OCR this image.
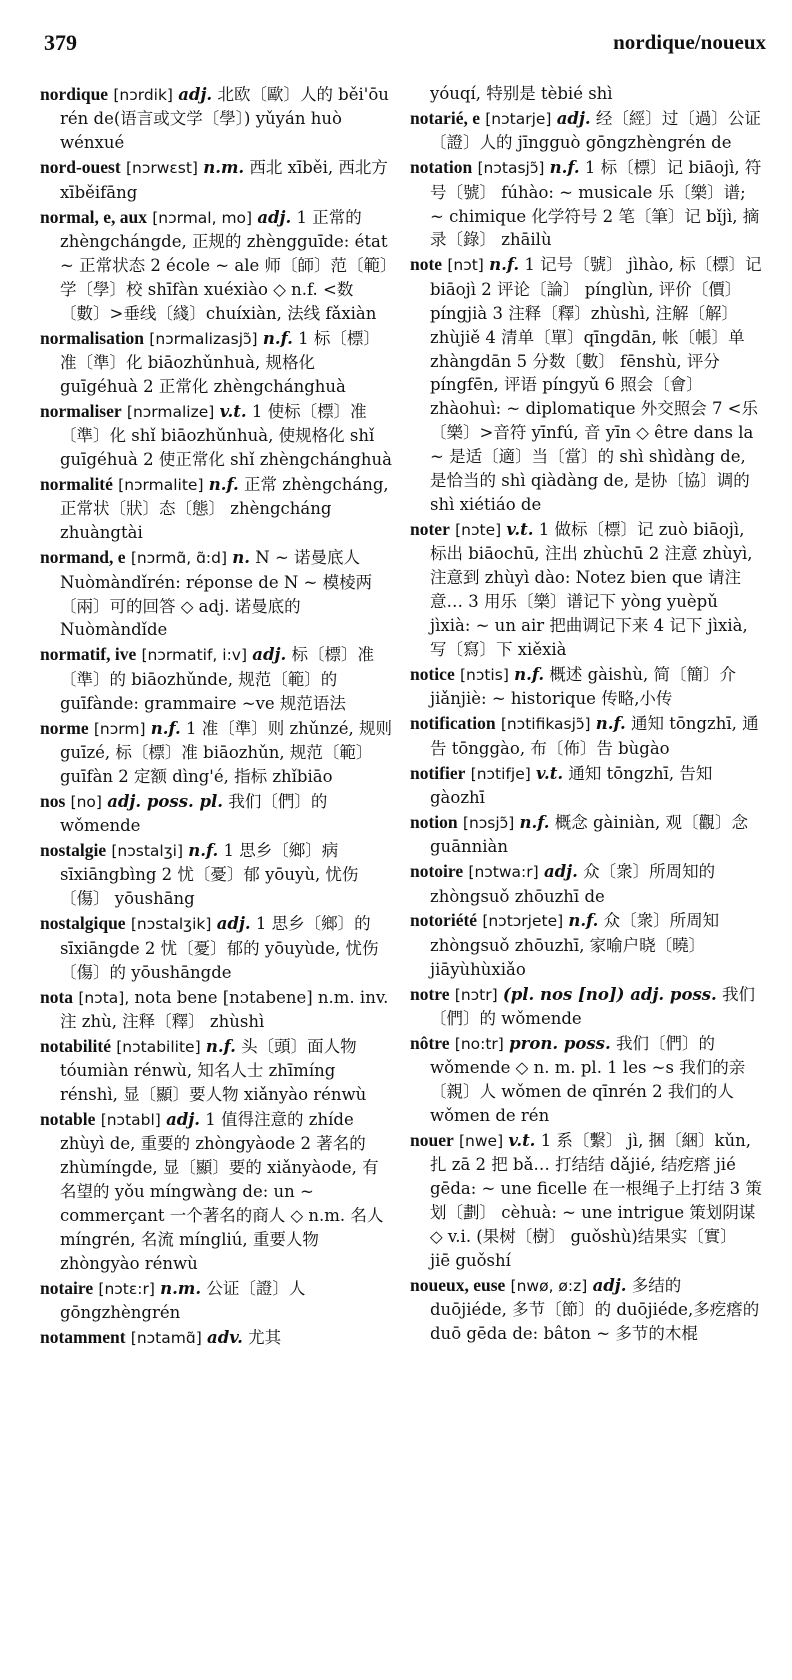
379	nordique/noueux

nordique [nɔrdik] adj. 北欧〔歐〕人的 běi'ōu rén de(语言或文学〔學〕) yǔyán huò wénxué

nord-ouest [nɔrwɛst] n.m. 西北 xīběi, 西北方 xīběifāng

normal, e, aux [nɔrmal, mo] adj. 1 正常的 zhèngchángde, 正规的 zhèngguīde: état ~ 正常状态 2 école ~ ale 师〔師〕范〔範〕学〔學〕校 shīfàn xuéxiào ◇ n.f. <数〔數〕>垂线〔綫〕chuíxiàn, 法线 fǎxiàn

normalisation [nɔrmalizasjɔ̃] n.f. 1 标〔標〕准〔準〕化 biāozhǔnhuà, 规格化 guīgéhuà 2 正常化 zhèngchánghuà

normaliser [nɔrmalize] v.t. 1 使标〔標〕准〔準〕化 shǐ biāozhǔnhuà, 使规格化 shǐ guīgéhuà 2 使正常化 shǐ zhèngchánghuà

normalité [nɔrmalite] n.f. 正常 zhèngcháng, 正常状〔狀〕态〔態〕 zhèngcháng zhuàngtài

normand, e [nɔrmɑ̃, ɑ̃:d] n. N ~ 诺曼底人 Nuòmàndǐrén: réponse de N ~ 模棱两〔兩〕可的回答 ◇ adj. 诺曼底的 Nuòmàndǐde

normatif, ive [nɔrmatif, i:v] adj. 标〔標〕准〔準〕的 biāozhǔnde, 规范〔範〕的 guīfànde: grammaire ~ve 规范语法

norme [nɔrm] n.f. 1 准〔準〕则 zhǔnzé, 规则 guīzé, 标〔標〕准 biāozhǔn, 规范〔範〕 guīfàn 2 定额 dìng'é, 指标 zhǐbiāo

nos [no] adj. poss. pl. 我们〔們〕的 wǒmende

nostalgie [nɔstalʒi] n.f. 1 思乡〔鄉〕病 sīxiāngbìng 2 忧〔憂〕郁 yōuyù, 忧伤〔傷〕 yōushāng

nostalgique [nɔstalʒik] adj. 1 思乡〔鄉〕的 sīxiāngde 2 忧〔憂〕郁的 yōuyùde, 忧伤〔傷〕的 yōushāngde

nota [nɔta], nota bene [nɔtabene] n.m. inv. 注 zhù, 注释〔釋〕 zhùshì

notabilité [nɔtabilite] n.f. 头〔頭〕面人物 tóumiàn rénwù, 知名人士 zhīmíng rénshì, 显〔顯〕要人物 xiǎnyào rénwù

notable [nɔtabl] adj. 1 值得注意的 zhíde zhùyì de, 重要的 zhòngyàode 2 著名的 zhùmíngde, 显〔顯〕要的 xiǎnyàode, 有名望的 yǒu míngwàng de: un ~ commerçant 一个著名的商人 ◇ n.m. 名人 míngrén, 名流 míngliú, 重要人物 zhòngyào rénwù

notaire [nɔtɛ:r] n.m. 公证〔證〕人 gōngzhèngrén

notamment [nɔtamɑ̃] adv. 尤其

yóuqí, 特别是 tèbié shì

notarié, e [nɔtarje] adj. 经〔經〕过〔過〕公证〔證〕人的 jīngguò gōngzhèngrén de

notation [nɔtasjɔ̃] n.f. 1 标〔標〕记 biāojì, 符号〔號〕 fúhào: ~ musicale 乐〔樂〕谱; ~ chimique 化学符号 2 笔〔筆〕记 bǐjì, 摘录〔錄〕 zhāilù

note [nɔt] n.f. 1 记号〔號〕 jìhào, 标〔標〕记 biāojì 2 评论〔論〕 pínglùn, 评价〔價〕 píngjià 3 注释〔釋〕zhùshì, 注解〔解〕zhùjiě 4 清单〔單〕qīngdān, 帐〔帳〕单 zhàngdān 5 分数〔數〕 fēnshù, 评分 píngfēn, 评语 píngyǔ 6 照会〔會〕 zhàohuì: ~ diplomatique 外交照会 7 <乐〔樂〕>音符 yīnfú, 音 yīn ◇ être dans la ~ 是适〔適〕当〔當〕的 shì shìdàng de, 是恰当的 shì qiàdàng de, 是协〔協〕调的 shì xiétiáo de

noter [nɔte] v.t. 1 做标〔標〕记 zuò biāojì, 标出 biāochū, 注出 zhùchū 2 注意 zhùyì, 注意到 zhùyì dào: Notez bien que 请注意… 3 用乐〔樂〕谱记下 yòng yuèpǔ jìxià: ~ un air 把曲调记下来 4 记下 jìxià, 写〔寫〕下 xiěxià

notice [nɔtis] n.f. 概述 gàishù, 简〔簡〕介 jiǎnjiè: ~ historique 传略,小传

notification [nɔtifikasjɔ̃] n.f. 通知 tōngzhī, 通告 tōnggào, 布〔佈〕告 bùgào

notifier [nɔtifje] v.t. 通知 tōngzhī, 告知 gàozhī

notion [nɔsjɔ̃] n.f. 概念 gàiniàn, 观〔觀〕念 guānniàn

notoire [nɔtwa:r] adj. 众〔衆〕所周知的 zhòngsuǒ zhōuzhī de

notoriété [nɔtɔrjete] n.f. 众〔衆〕所周知 zhòngsuǒ zhōuzhī, 家喻户晓〔曉〕 jiāyùhùxiǎo

notre [nɔtr] (pl. nos [no]) adj. poss. 我们〔們〕的 wǒmende

nôtre [no:tr] pron. poss. 我们〔們〕的 wǒmende ◇ n. m. pl. 1 les ~s 我们的亲〔親〕人 wǒmen de qīnrén 2 我们的人 wǒmen de rén

nouer [nwe] v.t. 1 系〔繫〕 jì, 捆〔綑〕kǔn, 扎 zā 2 把 bǎ… 打结结 dǎjié, 结疙瘩 jié gēda: ~ une ficelle 在一根绳子上打结 3 策划〔劃〕 cèhuà: ~ une intrigue 策划阴谋 ◇ v.i. (果树〔樹〕 guǒshù)结果实〔實〕 jiē guǒshí

noueux, euse [nwø, ø:z] adj. 多结的 duōjiéde, 多节〔節〕的 duōjiéde,多疙瘩的 duō gēda de: bâton ~ 多节的木棍
